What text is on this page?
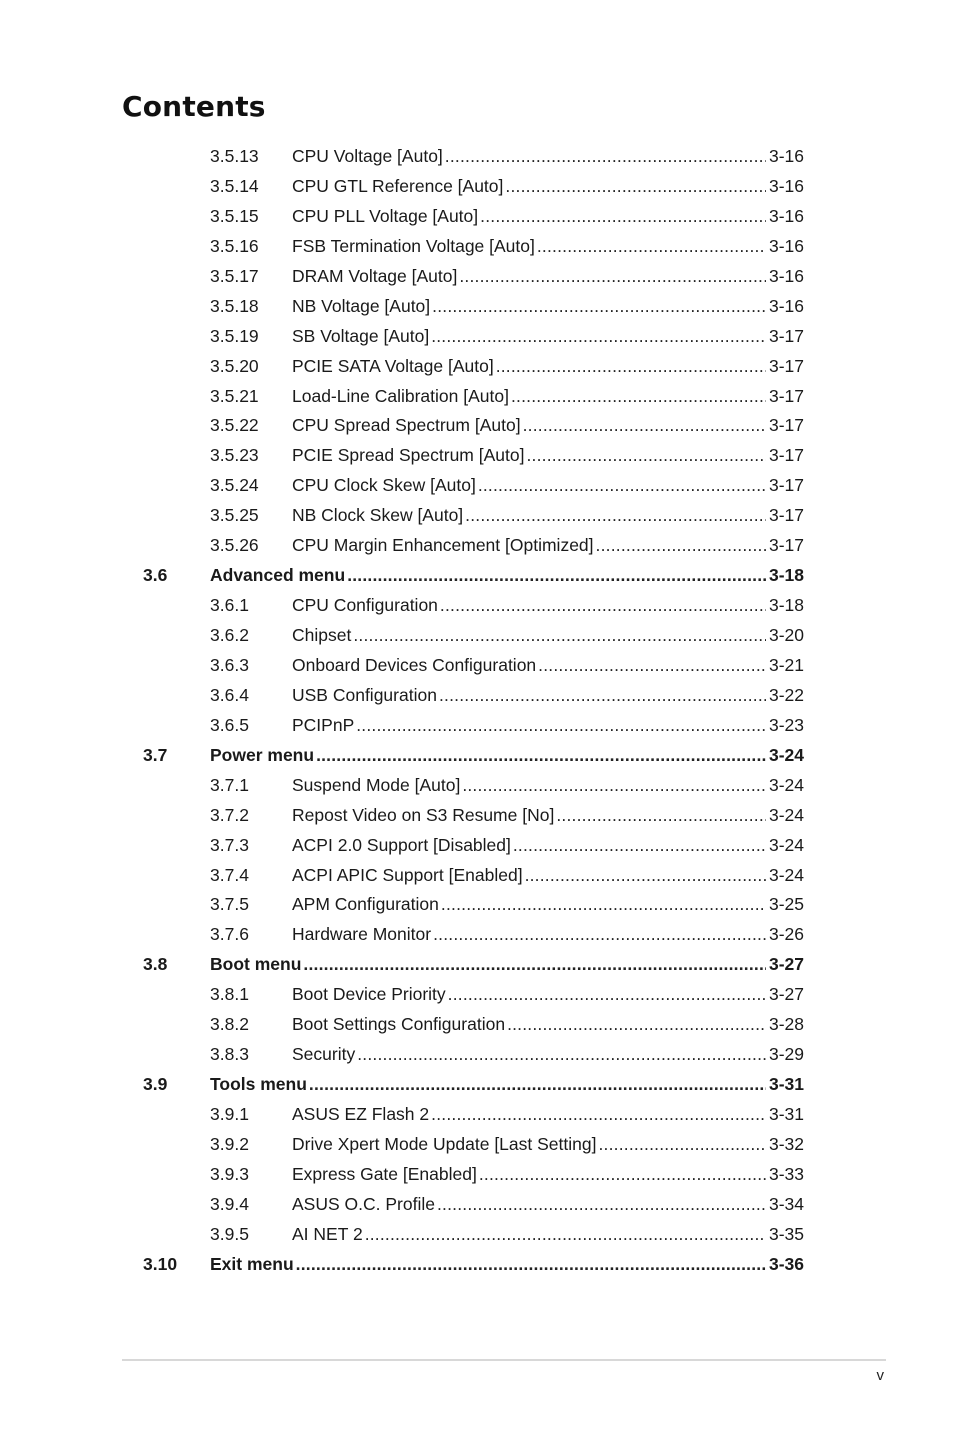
Contents
3.5.13 CPU Voltage [Auto] .....	3-16
3.5.14 CPU GTL Reference [Auto] .....	3-16
3.5.15 CPU PLL Voltage [Auto] .....	3-16
3.5.16 FSB Termination Voltage [Auto] .....	3-16
3.5.17 DRAM Voltage [Auto] .....	3-16
3.5.18 NB Voltage [Auto] .....	3-16
3.5.19 SB Voltage [Auto] .....	3-17
3.5.20 PCIE SATA Voltage [Auto] .....	3-17
3.5.21 Load-Line Calibration [Auto] .....	3-17
3.5.22 CPU Spread Spectrum [Auto] .....	3-17
3.5.23 PCIE Spread Spectrum [Auto] .....	3-17
3.5.24 CPU Clock Skew [Auto] .....	3-17
3.5.25 NB Clock Skew [Auto] .....	3-17
3.5.26 CPU Margin Enhancement [Optimized] .....	3-17
3.6 Advanced menu .....	3-18
3.6.1 CPU Configuration .....	3-18
3.6.2 Chipset .....	3-20
3.6.3 Onboard Devices Configuration .....	3-21
3.6.4 USB Configuration .....	3-22
3.6.5 PCIPnP .....	3-23
3.7 Power menu .....	3-24
3.7.1 Suspend Mode [Auto] .....	3-24
3.7.2 Repost Video on S3 Resume [No] .....	3-24
3.7.3 ACPI 2.0 Support [Disabled] .....	3-24
3.7.4 ACPI APIC Support [Enabled] .....	3-24
3.7.5 APM Configuration .....	3-25
3.7.6 Hardware Monitor .....	3-26
3.8 Boot menu .....	3-27
3.8.1 Boot Device Priority .....	3-27
3.8.2 Boot Settings Configuration .....	3-28
3.8.3 Security .....	3-29
3.9 Tools menu .....	3-31
3.9.1 ASUS EZ Flash 2 .....	3-31
3.9.2 Drive Xpert Mode Update [Last Setting] .....	3-32
3.9.3 Express Gate [Enabled] .....	3-33
3.9.4 ASUS O.C. Profile .....	3-34
3.9.5 AI NET 2 .....	3-35
3.10 Exit menu .....	3-36
v
